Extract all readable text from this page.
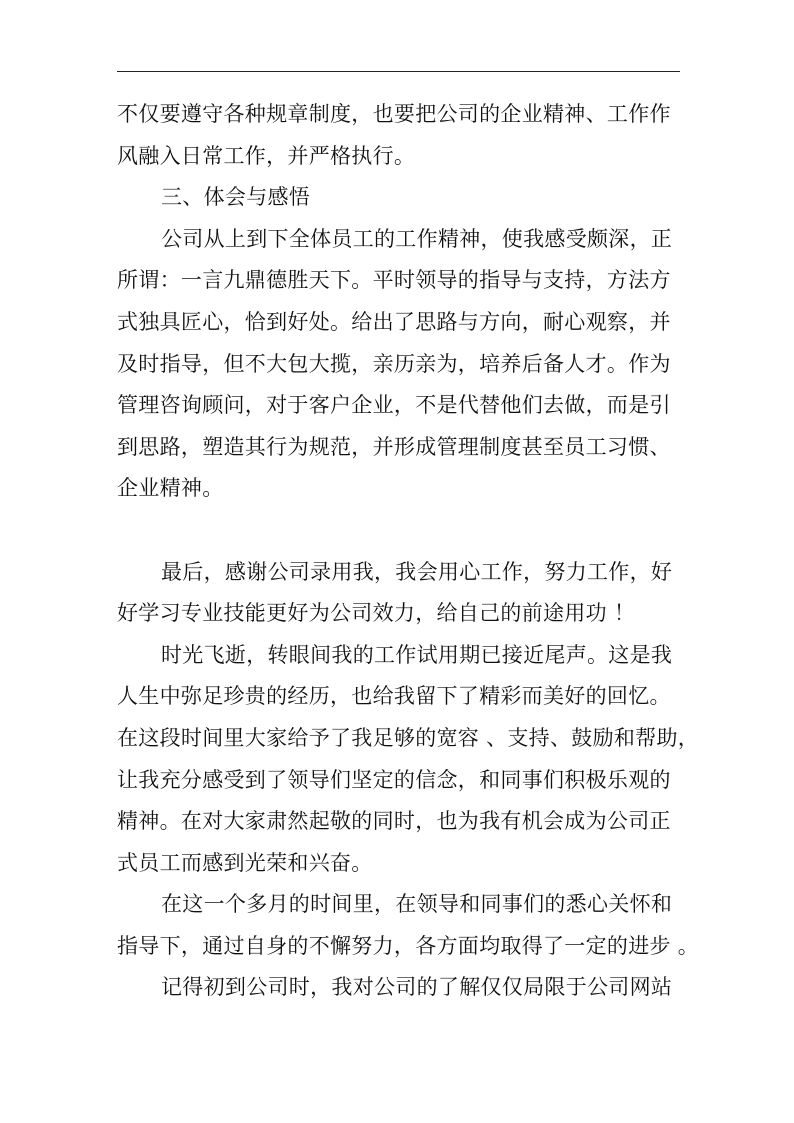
不仅要遵守各种规章制度，也要把公司的企业精神、工作作
风融入日常工作，并严格执行。
三、体会与感悟
公司从上到下全体员工的工作精神，使我感受颇深，正
所谓：一言九鼎德胜天下。平时领导的指导与支持，方法方
式独具匠心，恰到好处。给出了思路与方向，耐心观察，并
及时指导，但不大包大揽，亲历亲为，培养后备人才。作为
管理咨询顾问，对于客户企业，不是代替他们去做，而是引
到思路，塑造其行为规范，并形成管理制度甚至员工习惯、
企业精神。
最后，感谢公司录用我，我会用心工作，努力工作，好
好学习专业技能更好为公司效力，给自己的前途用功 ！
时光飞逝，转眼间我的工作试用期已接近尾声。这是我
人生中弥足珍贵的经历，也给我留下了精彩而美好的回忆。
在这段时间里大家给予了我足够的宽容 、支持、鼓励和帮助，
让我充分感受到了领导们坚定的信念，和同事们积极乐观的
精神。在对大家肃然起敬的同时，也为我有机会成为公司正
式员工而感到光荣和兴奋。
在这一个多月的时间里，在领导和同事们的悉心关怀和
指导下，通过自身的不懈努力，各方面均取得了一定的进步 。
记得初到公司时，我对公司的了解仅仅局限于公司网站
